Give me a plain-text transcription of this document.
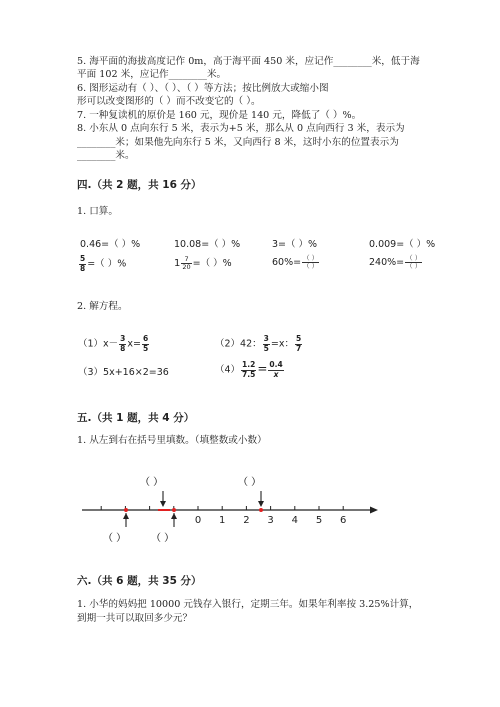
5. 海平面的海拔高度记作 0m，高于海平面 450 米，应记作________米，低于海
平面 102 米，应记作________米。
6. 图形运动有（ ）、（ ）、（ ）等方法；按比例放大或缩小图
形可以改变图形的（ ）而不改变它的（ ）。
7. 一种复读机的原价是 160 元，现价是 140 元，降低了（ ）%。
8. 小东从 0 点向东行 5 米，表示为+5 米，那么从 0 点向西行 3 米，表示为
________米；如果他先向东行 5 米，又向西行 8 米，这时小东的位置表示为
________米。
四.（共 2 题，共 16 分）
1. 口算。
0.46=（ ）%	10.08=（ ）%	3=（ ）%	0.009=（ ）%
$\frac{5}{8}$ =（ ）%	$1 \frac{7}{20}$ =（ ）%	$60\%= \frac{( )}{( )}$	$240\%= \frac{( )}{( )}$
2. 解方程。
$(1)x- \frac{3}{8} x= \frac{6}{5}$	（2）42： $\frac{3}{5} =x$： $\frac{5}{7}$
（3）5x+16×2=36	$(4) \frac{1.2}{7.5} = \frac{0.4}{x}$
五.（共 1 题，共 4 分）
1. 从左到右在括号里填数。（填整数或小数）
0 1 2 3 4 5 6
（ ）	（ ）
（ ） （ ）
六.（共 6 题，共 35 分）
1. 小华的妈妈把 10000 元钱存入银行，定期三年。如果年利率按 3.25%计算，
到期一共可以取回多少元？
